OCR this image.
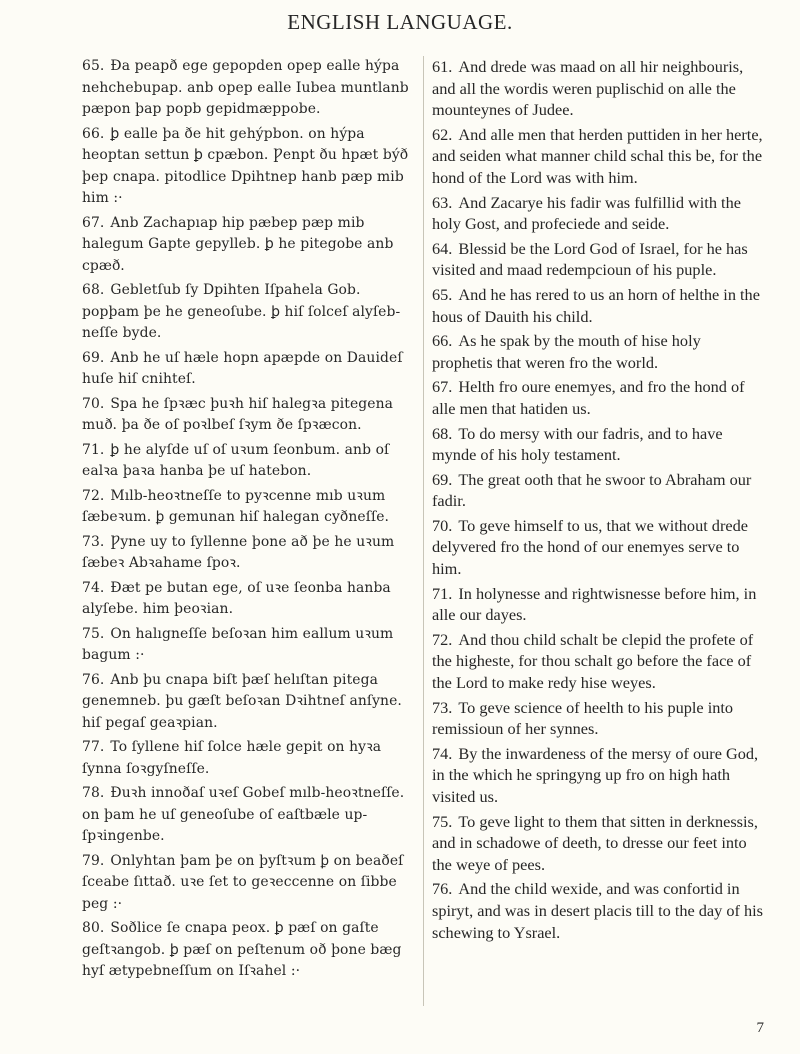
ENGLISH LANGUAGE.

65. Ða peapð ege gepopden opep ealle hýpa nehchebupap. anb opep ealle Iubea muntlanb pæpon þap popb gepidmæppobe.

66. ꝧ ealle þa ðe hit gehýpbon. on hýpa heoptan settun ꝧ cpæbon. Ƿenpt ðu hpæt býð þep cnapa. pitodlice Dpihtnep hanb pæp mib him :·

67. Anb Zachapıap hip pæbep pæp mib halegum Gapte gepylleb. ꝧ he pitegobe anb cpæð.

68. Gebletſub ſy Dpihten Iſpahela Gob. popþam þe he geneoſube. ꝧ hiſ ſolceſ alyſeb-neſſe byde.

69. Anb he uſ hæle hopn apæpde on Dauideſ huſe hiſ cnihteſ.

70. Spa he ſpꝛæc þuꝛh hiſ halegꝛa pitegena muð. þa ðe oſ poꝛlbeſ ſꝛym ðe ſpꝛæcon.

71. ꝧ he alyſde uſ oſ uꝛum ſeonbum. anb oſ ealꝛa þaꝛa hanba þe uſ hatebon.

72. Mılb-heoꝛtneſſe to pyꝛcenne mıb uꝛum ſæbeꝛum. ꝧ gemunan hiſ halegan cyðneſſe.

73. Ƿyne uy to ſyllenne þone að þe he uꝛum ſæbeꝛ Abꝛahame ſpoꝛ.

74. Ðæt pe butan ege, oſ uꝛe ſeonba hanba alyſebe. him þeoꝛian.

75. On halıgneſſe beſoꝛan him eallum uꝛum bagum :·

76. Anb þu cnapa biſt þæſ helıſtan pitega genemneb. þu gæſt beſoꝛan Dꝛihtneſ anſyne. hiſ pegaſ geaꝛpian.

77. To ſyllene hiſ ſolce hæle gepit on hyꝛa ſynna ſoꝛgyſneſſe.

78. Ðuꝛh innoðaſ uꝛeſ Gobeſ mılb-heoꝛtneſſe. on þam he uſ geneoſube oſ eaſtbæle up-ſpꝛingenbe.

79. Onlyhtan þam þe on þyſtꝛum ꝧ on beaðeſ ſceabe ſıttað. uꝛe ſet to geꝛeccenne on ſibbe peg :·

80. Soðlice ſe cnapa peox. ꝧ pæſ on gaſte geſtꝛangob. ꝧ pæſ on peſtenum oð þone bæg hyſ ætypebneſſum on Iſꝛahel :·

61. And drede was maad on all hir neighbouris, and all the wordis weren puplischid on alle the mounteynes of Judee.

62. And alle men that herden puttiden in her herte, and seiden what manner child schal this be, for the hond of the Lord was with him.

63. And Zacarye his fadir was fulfillid with the holy Gost, and profeciede and seide.

64. Blessid be the Lord God of Israel, for he has visited and maad redempcioun of his puple.

65. And he has rered to us an horn of helthe in the hous of Dauith his child.

66. As he spak by the mouth of hise holy prophetis that weren fro the world.

67. Helth fro oure enemyes, and fro the hond of alle men that hatiden us.

68. To do mersy with our fadris, and to have mynde of his holy testament.

69. The great ooth that he swoor to Abraham our fadir.

70. To geve himself to us, that we without drede delyvered fro the hond of our enemyes serve to him.

71. In holynesse and rightwisnesse before him, in alle our dayes.

72. And thou child schalt be clepid the profete of the higheste, for thou schalt go before the face of the Lord to make redy hise weyes.

73. To geve science of heelth to his puple into remissioun of her synnes.

74. By the inwardeness of the mersy of oure God, in the which he springyng up fro on high hath visited us.

75. To geve light to them that sitten in derknessis, and in schadowe of deeth, to dresse our feet into the weye of pees.

76. And the child wexide, and was confortid in spiryt, and was in desert placis till to the day of his schewing to Ysrael.

7
